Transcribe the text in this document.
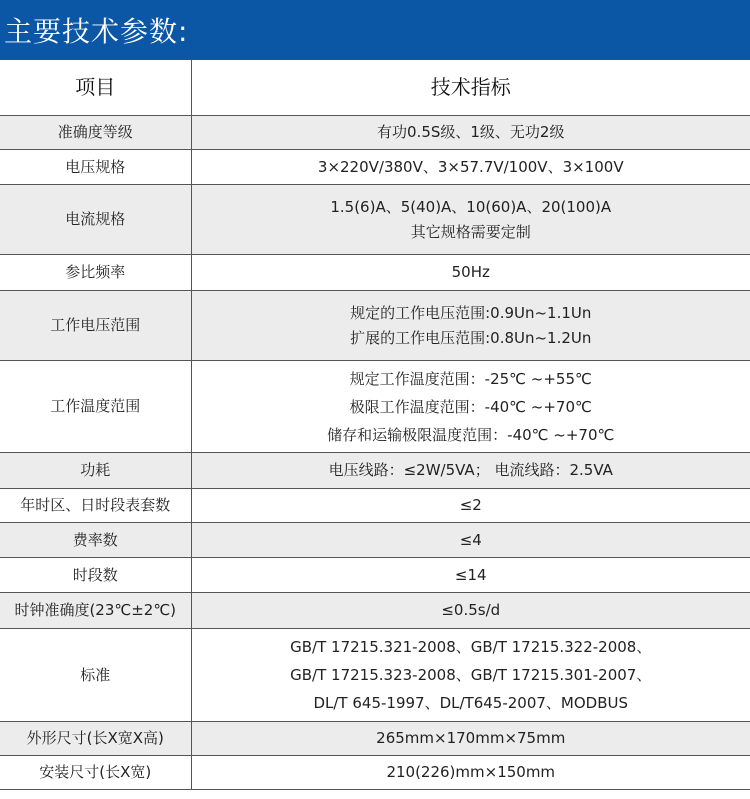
主要技术参数:
项目	技术指标
准确度等级	有功0.5S级、1级、无功2级

电压规格	3×220V/380V、3×57.7V/100V、3×100V

电流规格	1.5(6)A、5(40)A、10(60)A、20(100)A
其它规格需要定制

参比频率	50Hz

工作电压范围	规定的工作电压范围:0.9Un~1.1Un
扩展的工作电压范围:0.8Un~1.2Un

工作温度范围	规定工作温度范围：-25℃ ~+55℃
极限工作温度范围：-40℃ ~+70℃
储存和运输极限温度范围：-40℃ ~+70℃

功耗	电压线路：≤2W/5VA； 电流线路：2.5VA

年时区、日时段表套数	≤2

费率数	≤4

时段数	≤14

时钟准确度(23℃±2℃)	≤0.5s/d

标准	GB/T 17215.321-2008、GB/T 17215.322-2008、
GB/T 17215.323-2008、GB/T 17215.301-2007、
DL/T 645-1997、DL/T645-2007、MODBUS

外形尺寸(长X宽X高)	265mm×170mm×75mm

安装尺寸(长X宽)	210(226)mm×150mm
